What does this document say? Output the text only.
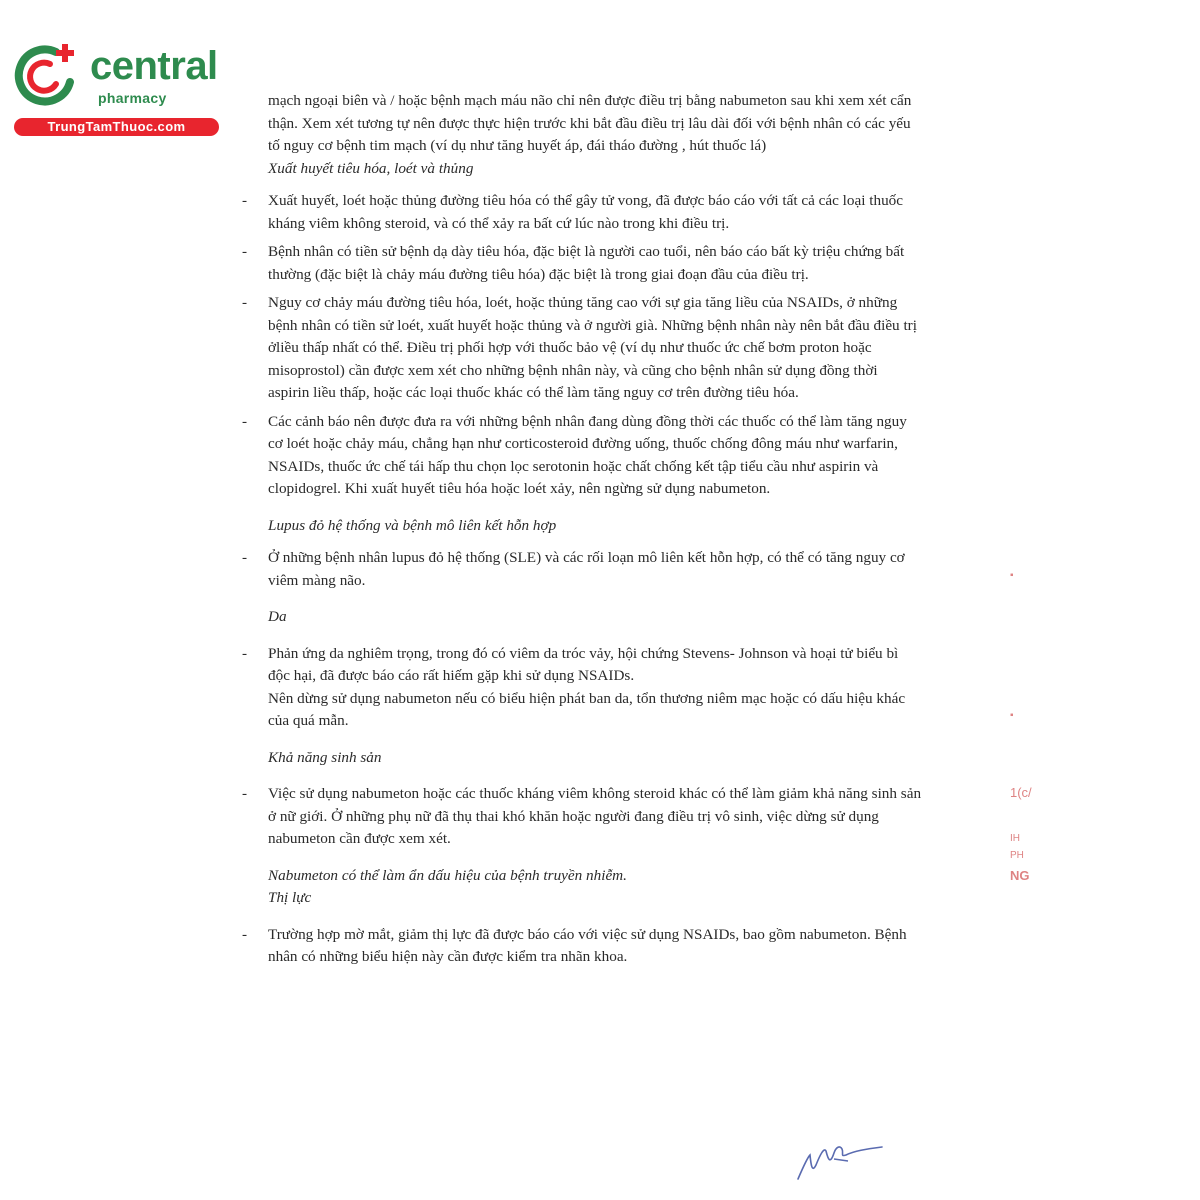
central
pharmacy
TrungTamThuoc.com

mạch ngoại biên và / hoặc bệnh mạch máu não chỉ nên được điều trị bằng nabumeton sau khi xem xét cẩn
thận. Xem xét tương tự nên được thực hiện trước khi bắt đầu điều trị lâu dài đối với bệnh nhân có các yếu
tố nguy cơ bệnh tim mạch (ví dụ như tăng huyết áp, đái tháo đường , hút thuốc lá)

Xuất huyết tiêu hóa, loét và thủng

- Xuất huyết, loét hoặc thủng đường tiêu hóa có thể gây tử vong, đã được báo cáo với tất cả các loại thuốc
kháng viêm không steroid, và có thể xảy ra bất cứ lúc nào trong khi điều trị.
- Bệnh nhân có tiền sử bệnh dạ dày tiêu hóa, đặc biệt là người cao tuổi, nên báo cáo bất kỳ triệu chứng bất
thường (đặc biệt là chảy máu đường tiêu hóa) đặc biệt là trong giai đoạn đầu của điều trị.
- Nguy cơ chảy máu đường tiêu hóa, loét, hoặc thủng tăng cao với sự gia tăng liều của NSAIDs, ở những
bệnh nhân có tiền sử loét, xuất huyết hoặc thủng và ở người già. Những bệnh nhân này nên bắt đầu điều trị
ởliều thấp nhất có thể. Điều trị phối hợp với thuốc bảo vệ (ví dụ như thuốc ức chế bơm proton hoặc
misoprostol) cần được xem xét cho những bệnh nhân này, và cũng cho bệnh nhân sử dụng đồng thời
aspirin liều thấp, hoặc các loại thuốc khác có thể làm tăng nguy cơ trên đường tiêu hóa.
- Các cảnh báo nên được đưa ra với những bệnh nhân đang dùng đồng thời các thuốc có thể làm tăng nguy
cơ loét hoặc chảy máu, chẳng hạn như corticosteroid đường uống, thuốc chống đông máu như warfarin,
NSAIDs, thuốc ức chế tái hấp thu chọn lọc serotonin hoặc chất chống kết tập tiểu cầu như aspirin và
clopidogrel. Khi xuất huyết tiêu hóa hoặc loét xảy, nên ngừng sử dụng nabumeton.

Lupus đỏ hệ thống và bệnh mô liên kết hỗn hợp

- Ở những bệnh nhân lupus đỏ hệ thống (SLE) và các rối loạn mô liên kết hỗn hợp, có thể có tăng nguy cơ
viêm màng não.

Da

- Phản ứng da nghiêm trọng, trong đó có viêm da tróc vảy, hội chứng Stevens- Johnson và hoại tử biểu bì
độc hại, đã được báo cáo rất hiếm gặp khi sử dụng NSAIDs.
Nên dừng sử dụng nabumeton nếu có biểu hiện phát ban da, tổn thương niêm mạc hoặc có dấu hiệu khác
của quá mẫn.

Khả năng sinh sản

- Việc sử dụng nabumeton hoặc các thuốc kháng viêm không steroid khác có thể làm giảm khả năng sinh sản
ở nữ giới. Ở những phụ nữ đã thụ thai khó khăn hoặc người đang điều trị vô sinh, việc dừng sử dụng
nabumeton cần được xem xét.

Nabumeton có thể làm ẩn dấu hiệu của bệnh truyền nhiễm.

Thị lực

- Trường hợp mờ mắt, giảm thị lực đã được báo cáo với việc sử dụng NSAIDs, bao gồm nabumeton. Bệnh
nhân có những biểu hiện này cần được kiểm tra nhãn khoa.
▪
▪
1(c/
IH
PH
NG
